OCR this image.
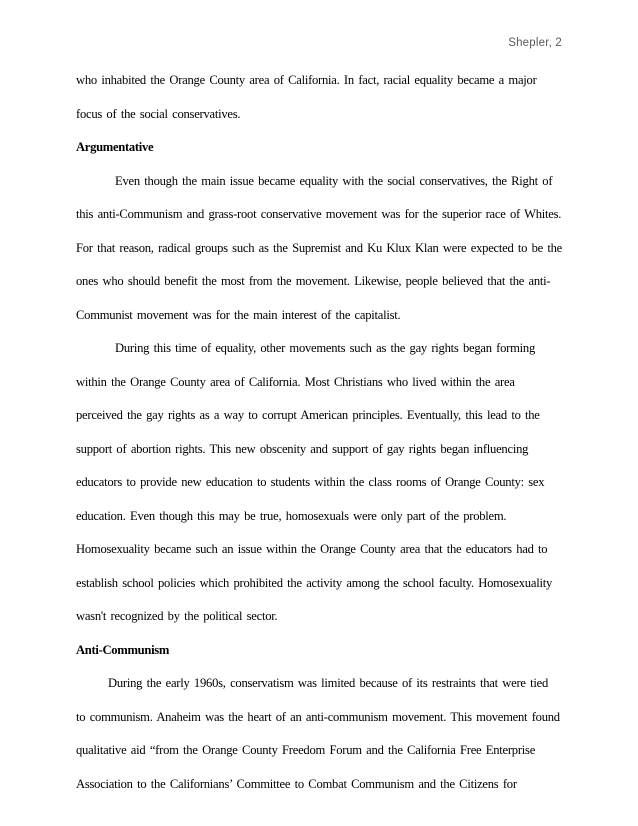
Shepler, 2
who inhabited the Orange County area of California. In fact, racial equality became a major
focus of the social conservatives.
Argumentative
Even though the main issue became equality with the social conservatives, the Right of
this anti-Communism and grass-root conservative movement was for the superior race of Whites.
For that reason, radical groups such as the Supremist and Ku Klux Klan were expected to be the
ones who should benefit the most from the movement. Likewise, people believed that the anti-
Communist movement was for the main interest of the capitalist.
During this time of equality, other movements such as the gay rights began forming
within the Orange County area of California. Most Christians who lived within the area
perceived the gay rights as a way to corrupt American principles. Eventually, this lead to the
support of abortion rights. This new obscenity and support of gay rights began influencing
educators to provide new education to students within the class rooms of Orange County: sex
education. Even though this may be true, homosexuals were only part of the problem.
Homosexuality became such an issue within the Orange County area that the educators had to
establish school policies which prohibited the activity among the school faculty. Homosexuality
wasn't recognized by the political sector.
Anti-Communism
During the early 1960s, conservatism was limited because of its restraints that were tied
to communism. Anaheim was the heart of an anti-communism movement. This movement found
qualitative aid “from the Orange County Freedom Forum and the California Free Enterprise
Association to the Californians’ Committee to Combat Communism and the Citizens for
